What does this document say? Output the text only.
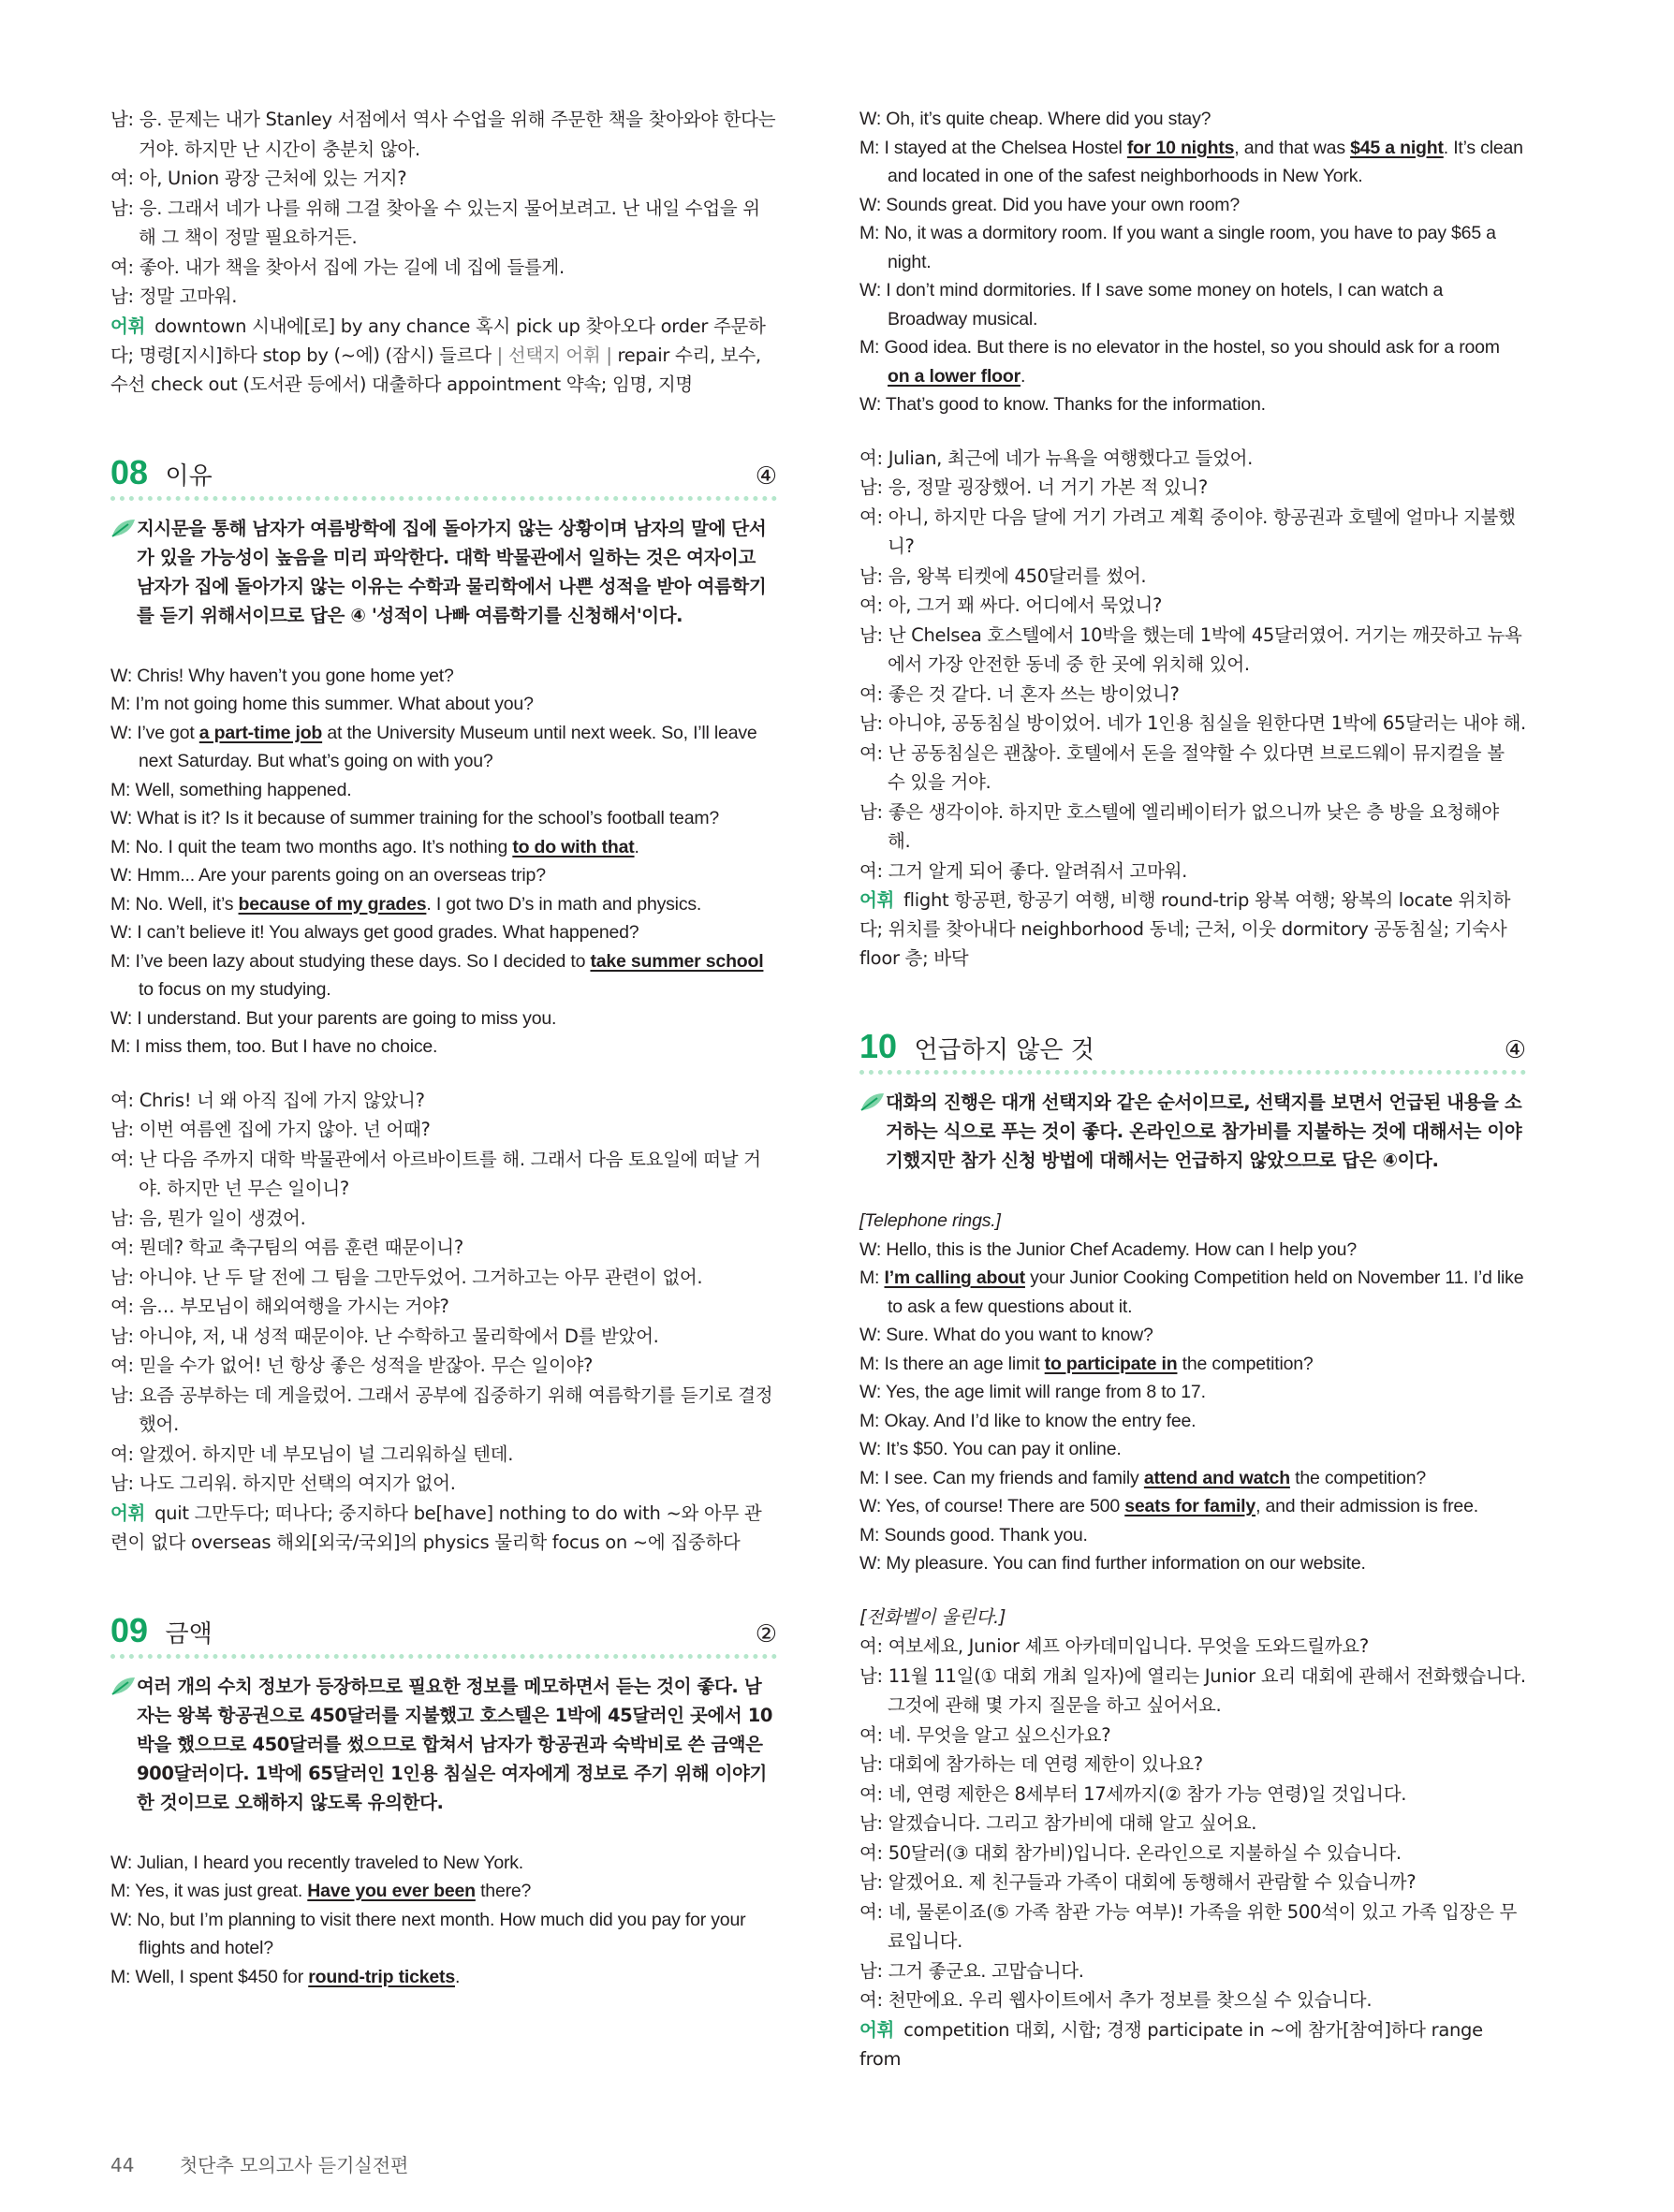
남: 응. 문제는 내가 Stanley 서점에서 역사 수업을 위해 주문한 책을 찾아와야 한다는 거야. 하지만 난 시간이 충분치 않아.
여: 아, Union 광장 근처에 있는 거지?
남: 응. 그래서 네가 나를 위해 그걸 찾아올 수 있는지 물어보려고. 난 내일 수업을 위해 그 책이 정말 필요하거든.
여: 좋아. 내가 책을 찾아서 집에 가는 길에 네 집에 들를게.
남: 정말 고마워.
어휘 downtown 시내에[로] by any chance 혹시 pick up 찾아오다 order 주문하다; 명령[지시]하다 stop by (~에) (잠시) 들르다 | 선택지 어휘 | repair 수리, 보수, 수선 check out (도서관 등에서) 대출하다 appointment 약속; 임명, 지명
08 이유	④
지시문을 통해 남자가 여름방학에 집에 돌아가지 않는 상황이며 남자의 말에 단서가 있을 가능성이 높음을 미리 파악한다. 대학 박물관에서 일하는 것은 여자이고 남자가 집에 돌아가지 않는 이유는 수학과 물리학에서 나쁜 성적을 받아 여름학기를 듣기 위해서이므로 답은 ④ '성적이 나빠 여름학기를 신청해서'이다.
W: Chris! Why haven’t you gone home yet?
M: I’m not going home this summer. What about you?
W: I’ve got a part-time job at the University Museum until next week. So, I’ll leave next Saturday. But what’s going on with you?
M: Well, something happened.
W: What is it? Is it because of summer training for the school’s football team?
M: No. I quit the team two months ago. It’s nothing to do with that.
W: Hmm... Are your parents going on an overseas trip?
M: No. Well, it’s because of my grades. I got two D’s in math and physics.
W: I can’t believe it! You always get good grades. What happened?
M: I’ve been lazy about studying these days. So I decided to take summer school to focus on my studying.
W: I understand. But your parents are going to miss you.
M: I miss them, too. But I have no choice.
여: Chris! 너 왜 아직 집에 가지 않았니?
남: 이번 여름엔 집에 가지 않아. 넌 어때?
여: 난 다음 주까지 대학 박물관에서 아르바이트를 해. 그래서 다음 토요일에 떠날 거야. 하지만 넌 무슨 일이니?
남: 음, 뭔가 일이 생겼어.
여: 뭔데? 학교 축구팀의 여름 훈련 때문이니?
남: 아니야. 난 두 달 전에 그 팀을 그만두었어. 그거하고는 아무 관련이 없어.
여: 음… 부모님이 해외여행을 가시는 거야?
남: 아니야, 저, 내 성적 때문이야. 난 수학하고 물리학에서 D를 받았어.
여: 믿을 수가 없어! 넌 항상 좋은 성적을 받잖아. 무슨 일이야?
남: 요즘 공부하는 데 게을렀어. 그래서 공부에 집중하기 위해 여름학기를 듣기로 결정했어.
여: 알겠어. 하지만 네 부모님이 널 그리워하실 텐데.
남: 나도 그리워. 하지만 선택의 여지가 없어.
어휘 quit 그만두다; 떠나다; 중지하다 be[have] nothing to do with ~와 아무 관련이 없다 overseas 해외[외국/국외]의 physics 물리학 focus on ~에 집중하다
09 금액	②
여러 개의 수치 정보가 등장하므로 필요한 정보를 메모하면서 듣는 것이 좋다. 남자는 왕복 항공권으로 450달러를 지불했고 호스텔은 1박에 45달러인 곳에서 10박을 했으므로 450달러를 썼으므로 합쳐서 남자가 항공권과 숙박비로 쓴 금액은 900달러이다. 1박에 65달러인 1인용 침실은 여자에게 정보로 주기 위해 이야기한 것이므로 오해하지 않도록 유의한다.
W: Julian, I heard you recently traveled to New York.
M: Yes, it was just great. Have you ever been there?
W: No, but I’m planning to visit there next month. How much did you pay for your flights and hotel?
M: Well, I spent $450 for round-trip tickets.
W: Oh, it’s quite cheap. Where did you stay?
M: I stayed at the Chelsea Hostel for 10 nights, and that was $45 a night. It’s clean and located in one of the safest neighborhoods in New York.
W: Sounds great. Did you have your own room?
M: No, it was a dormitory room. If you want a single room, you have to pay $65 a night.
W: I don’t mind dormitories. If I save some money on hotels, I can watch a Broadway musical.
M: Good idea. But there is no elevator in the hostel, so you should ask for a room on a lower floor.
W: That’s good to know. Thanks for the information.
여: Julian, 최근에 네가 뉴욕을 여행했다고 들었어.
남: 응, 정말 굉장했어. 너 거기 가본 적 있니?
여: 아니, 하지만 다음 달에 거기 가려고 계획 중이야. 항공권과 호텔에 얼마나 지불했니?
남: 음, 왕복 티켓에 450달러를 썼어.
여: 아, 그거 꽤 싸다. 어디에서 묵었니?
남: 난 Chelsea 호스텔에서 10박을 했는데 1박에 45달러였어. 거기는 깨끗하고 뉴욕에서 가장 안전한 동네 중 한 곳에 위치해 있어.
여: 좋은 것 같다. 너 혼자 쓰는 방이었니?
남: 아니야, 공동침실 방이었어. 네가 1인용 침실을 원한다면 1박에 65달러는 내야 해.
여: 난 공동침실은 괜찮아. 호텔에서 돈을 절약할 수 있다면 브로드웨이 뮤지컬을 볼 수 있을 거야.
남: 좋은 생각이야. 하지만 호스텔에 엘리베이터가 없으니까 낮은 층 방을 요청해야 해.
여: 그거 알게 되어 좋다. 알려줘서 고마워.
어휘 flight 항공편, 항공기 여행, 비행 round-trip 왕복 여행; 왕복의 locate 위치하다; 위치를 찾아내다 neighborhood 동네; 근처, 이웃 dormitory 공동침실; 기숙사 floor 층; 바닥
10 언급하지 않은 것	④
대화의 진행은 대개 선택지와 같은 순서이므로, 선택지를 보면서 언급된 내용을 소거하는 식으로 푸는 것이 좋다. 온라인으로 참가비를 지불하는 것에 대해서는 이야기했지만 참가 신청 방법에 대해서는 언급하지 않았으므로 답은 ④이다.
[Telephone rings.]
W: Hello, this is the Junior Chef Academy. How can I help you?
M: I’m calling about your Junior Cooking Competition held on November 11. I’d like to ask a few questions about it.
W: Sure. What do you want to know?
M: Is there an age limit to participate in the competition?
W: Yes, the age limit will range from 8 to 17.
M: Okay. And I’d like to know the entry fee.
W: It’s $50. You can pay it online.
M: I see. Can my friends and family attend and watch the competition?
W: Yes, of course! There are 500 seats for family, and their admission is free.
M: Sounds good. Thank you.
W: My pleasure. You can find further information on our website.
[전화벨이 울린다.]
여: 여보세요, Junior 셰프 아카데미입니다. 무엇을 도와드릴까요?
남: 11월 11일(① 대회 개최 일자)에 열리는 Junior 요리 대회에 관해서 전화했습니다. 그것에 관해 몇 가지 질문을 하고 싶어서요.
여: 네. 무엇을 알고 싶으신가요?
남: 대회에 참가하는 데 연령 제한이 있나요?
여: 네, 연령 제한은 8세부터 17세까지(② 참가 가능 연령)일 것입니다.
남: 알겠습니다. 그리고 참가비에 대해 알고 싶어요.
여: 50달러(③ 대회 참가비)입니다. 온라인으로 지불하실 수 있습니다.
남: 알겠어요. 제 친구들과 가족이 대회에 동행해서 관람할 수 있습니까?
여: 네, 물론이죠(⑤ 가족 참관 가능 여부)! 가족을 위한 500석이 있고 가족 입장은 무료입니다.
남: 그거 좋군요. 고맙습니다.
여: 천만에요. 우리 웹사이트에서 추가 정보를 찾으실 수 있습니다.
어휘 competition 대회, 시합; 경쟁 participate in ~에 참가[참여]하다 range from
44 첫단추 모의고사 듣기실전편
